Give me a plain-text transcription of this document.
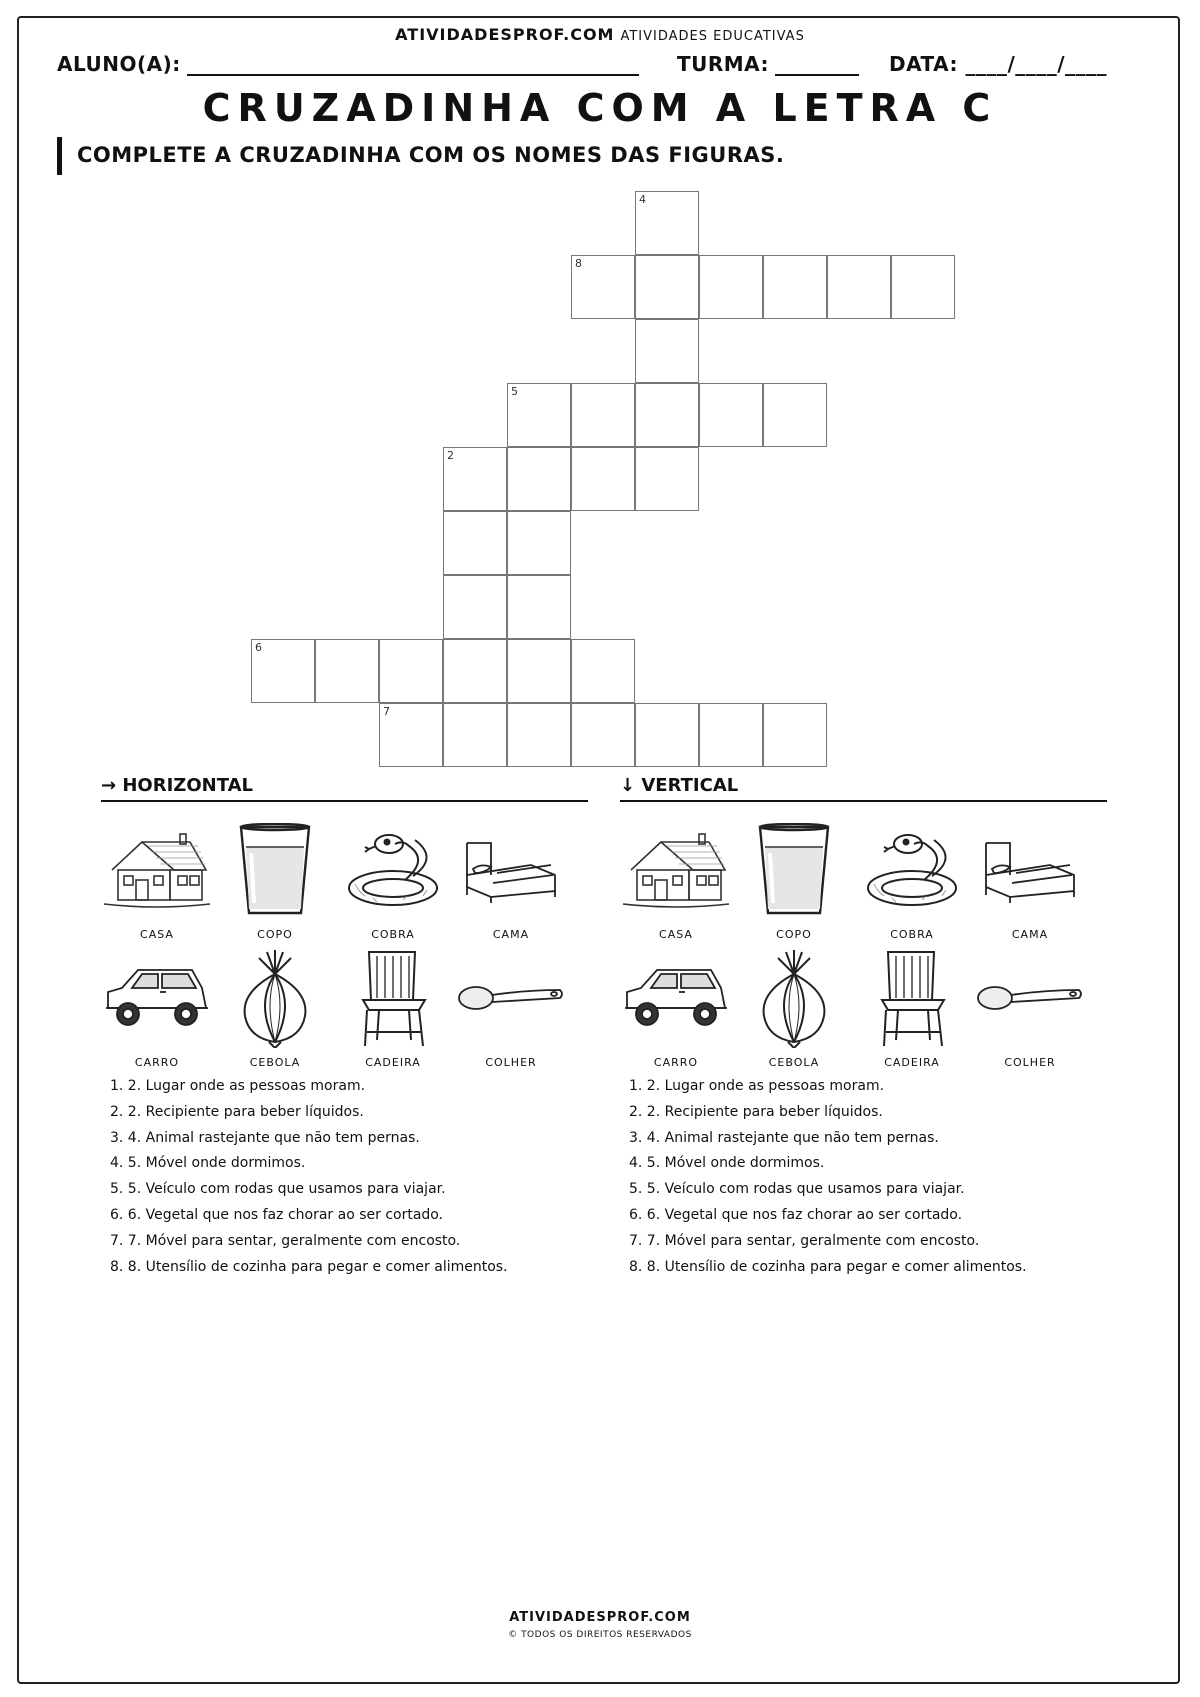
ATIVIDADESPROF.COM ATIVIDADES EDUCATIVAS
ALUNO(A):	TURMA:	DATA: ____/____/____
CRUZADINHA COM A LETRA C
COMPLETE A CRUZADINHA COM OS NOMES DAS FIGURAS.
4
8
5
2
6
7
→ HORIZONTAL	↓ VERTICAL
CASA	COPO	COBRA	CAMA
CARRO	CEBOLA	CADEIRA	COLHER
CASA	COPO	COBRA	CAMA
CARRO	CEBOLA	CADEIRA	COLHER
1. 2. Lugar onde as pessoas moram.
2. 2. Recipiente para beber líquidos.
3. 4. Animal rastejante que não tem pernas.
4. 5. Móvel onde dormimos.
5. 5. Veículo com rodas que usamos para viajar.
6. 6. Vegetal que nos faz chorar ao ser cortado.
7. 7. Móvel para sentar, geralmente com encosto.
8. 8. Utensílio de cozinha para pegar e comer alimentos.
1. 2. Lugar onde as pessoas moram.
2. 2. Recipiente para beber líquidos.
3. 4. Animal rastejante que não tem pernas.
4. 5. Móvel onde dormimos.
5. 5. Veículo com rodas que usamos para viajar.
6. 6. Vegetal que nos faz chorar ao ser cortado.
7. 7. Móvel para sentar, geralmente com encosto.
8. 8. Utensílio de cozinha para pegar e comer alimentos.
ATIVIDADESPROF.COM
© TODOS OS DIREITOS RESERVADOS
